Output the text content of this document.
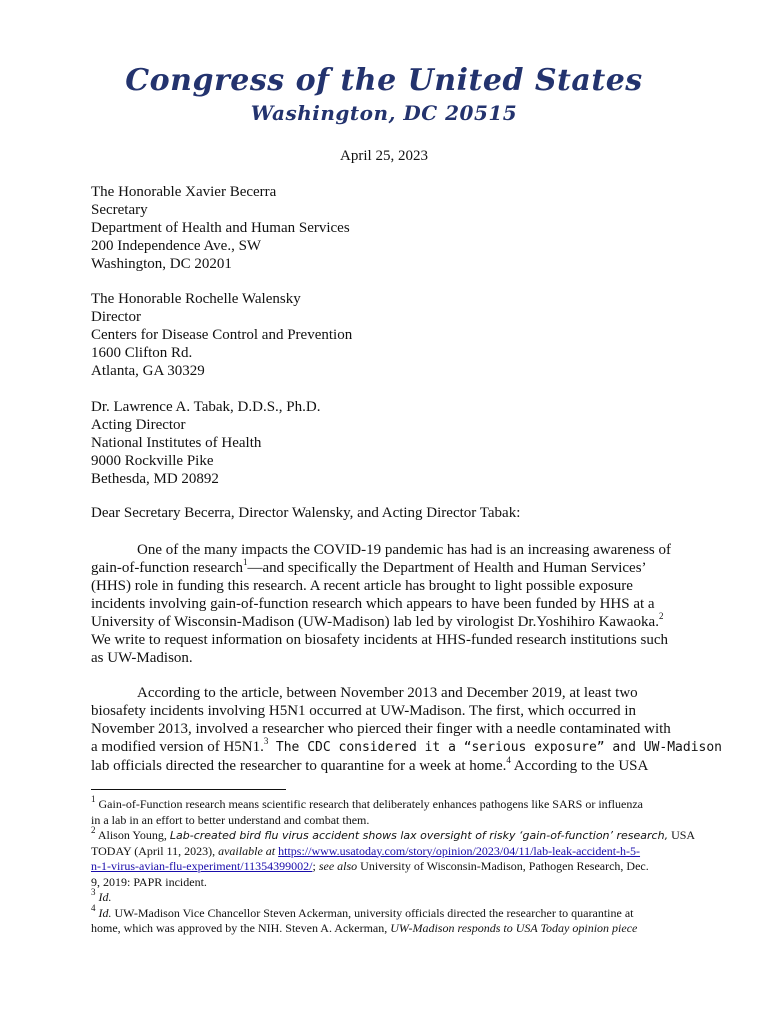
Congress of the United States
Washington, DC 20515
April 25, 2023
The Honorable Xavier Becerra
Secretary
Department of Health and Human Services
200 Independence Ave., SW
Washington, DC 20201
The Honorable Rochelle Walensky
Director
Centers for Disease Control and Prevention
1600 Clifton Rd.
Atlanta, GA 30329
Dr. Lawrence A. Tabak, D.D.S., Ph.D.
Acting Director
National Institutes of Health
9000 Rockville Pike
Bethesda, MD 20892
Dear Secretary Becerra, Director Walensky, and Acting Director Tabak:
One of the many impacts the COVID-19 pandemic has had is an increasing awareness of
gain-of-function research$^1$—and specifically the Department of Health and Human Services’
(HHS) role in funding this research. A recent article has brought to light possible exposure
incidents involving gain-of-function research which appears to have been funded by HHS at a
University of Wisconsin-Madison (UW-Madison) lab led by virologist Dr.Yoshihiro Kawaoka.$^2$
We write to request information on biosafety incidents at HHS-funded research institutions such
as UW-Madison.
According to the article, between November 2013 and December 2019, at least two
biosafety incidents involving H5N1 occurred at UW-Madison. The first, which occurred in
November 2013, involved a researcher who pierced their finger with a needle contaminated with
a modified version of H5N1.$^3$ The CDC considered it a “serious exposure” and UW-Madison
lab officials directed the researcher to quarantine for a week at home.$^4$ According to the USA
$^1$ Gain-of-Function research means scientific research that deliberately enhances pathogens like SARS or influenza
in a lab in an effort to better understand and combat them.
$^2$ Alison Young, Lab-created bird flu virus accident shows lax oversight of risky ‘gain-of-function’ research, USA
TODAY (April 11, 2023), available at https://www.usatoday.com/story/opinion/2023/04/11/lab-leak-accident-h-5-
n-1-virus-avian-flu-experiment/11354399002/; see also University of Wisconsin-Madison, Pathogen Research, Dec.
9, 2019: PAPR incident.
$^3$ Id.
$^4$ Id. UW-Madison Vice Chancellor Steven Ackerman, university officials directed the researcher to quarantine at
home, which was approved by the NIH. Steven A. Ackerman, UW-Madison responds to USA Today opinion piece
